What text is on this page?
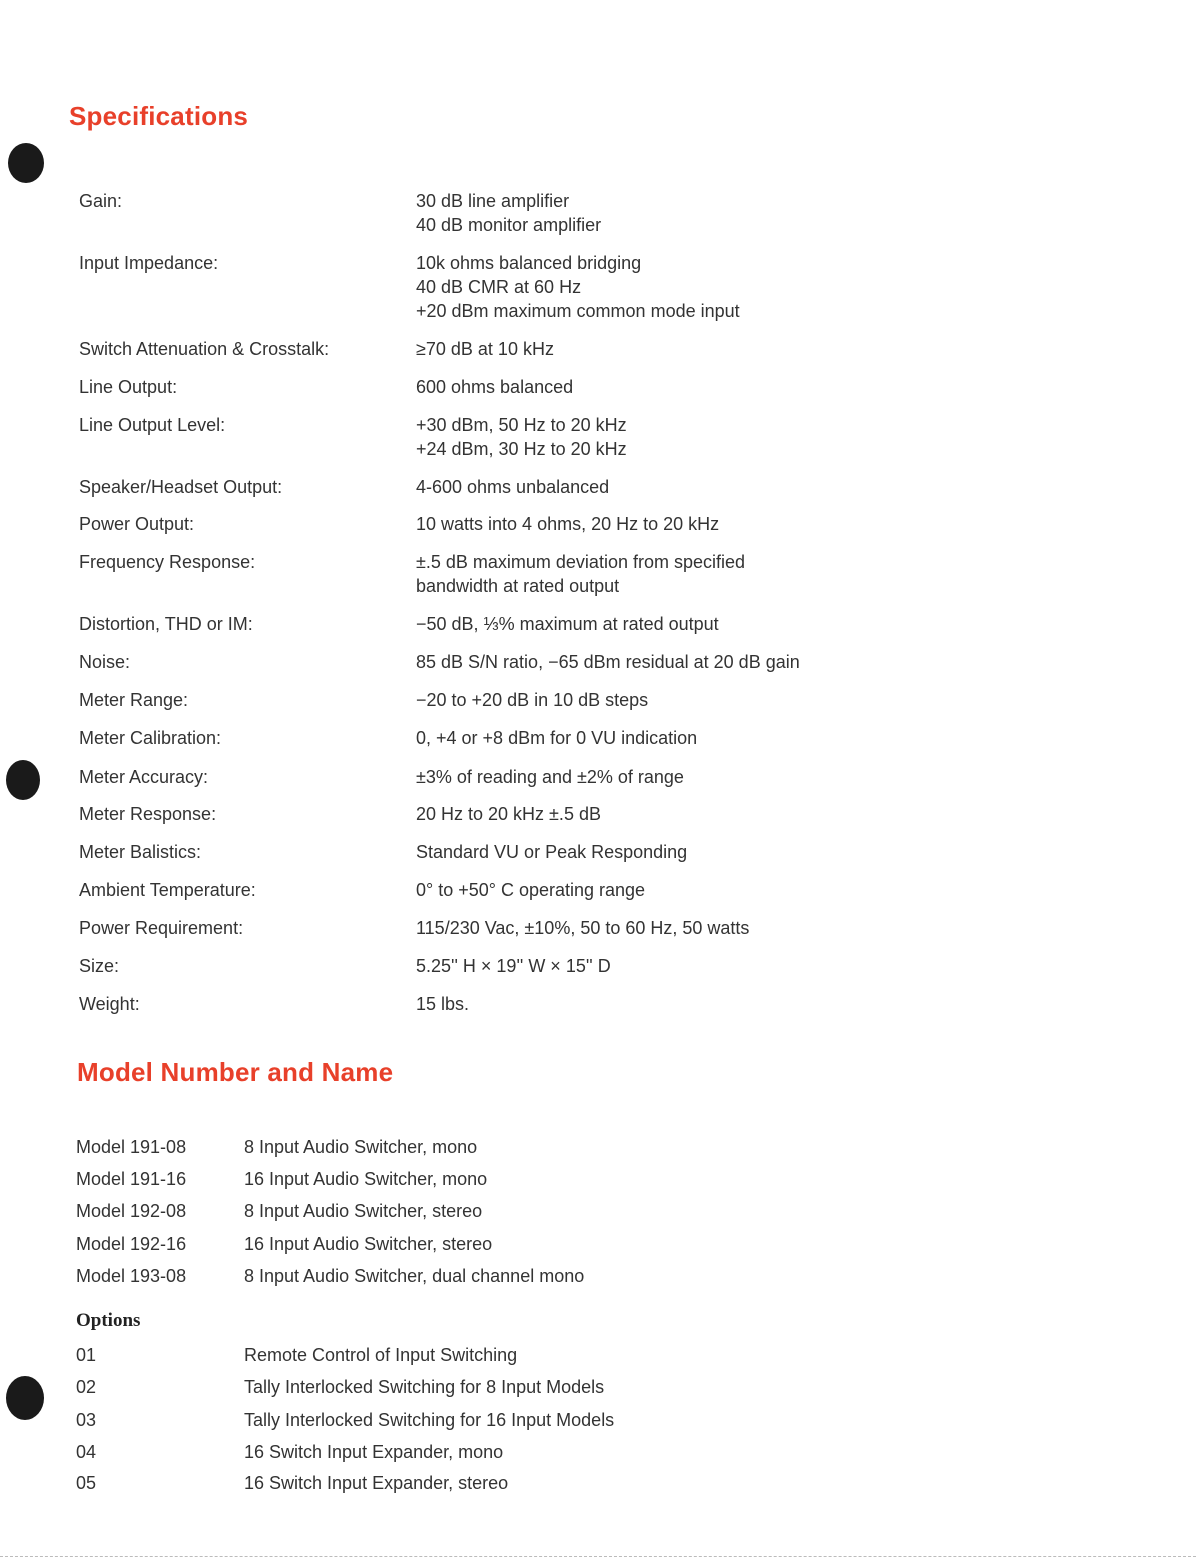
Specifications
Gain:	30 dB line amplifier
40 dB monitor amplifier
Input Impedance:	10k ohms balanced bridging
40 dB CMR at 60 Hz
+20 dBm maximum common mode input
Switch Attenuation & Crosstalk:	≥70 dB at 10 kHz
Line Output:	600 ohms balanced
Line Output Level:	+30 dBm, 50 Hz to 20 kHz
+24 dBm, 30 Hz to 20 kHz
Speaker/Headset Output:	4-600 ohms unbalanced
Power Output:	10 watts into 4 ohms, 20 Hz to 20 kHz
Frequency Response:	±.5 dB maximum deviation from specified
bandwidth at rated output
Distortion, THD or IM:	−50 dB, ⅓% maximum at rated output
Noise:	85 dB S/N ratio, −65 dBm residual at 20 dB gain
Meter Range:	−20 to +20 dB in 10 dB steps
Meter Calibration:	0, +4 or +8 dBm for 0 VU indication
Meter Accuracy:	±3% of reading and ±2% of range
Meter Response:	20 Hz to 20 kHz ±.5 dB
Meter Balistics:	Standard VU or Peak Responding
Ambient Temperature:	0° to +50° C operating range
Power Requirement:	115/230 Vac, ±10%, 50 to 60 Hz, 50 watts
Size:	5.25'' H × 19'' W × 15'' D
Weight:	15 lbs.
Model Number and Name
Model 191-08	8 Input Audio Switcher, mono
Model 191-16	16 Input Audio Switcher, mono
Model 192-08	8 Input Audio Switcher, stereo
Model 192-16	16 Input Audio Switcher, stereo
Model 193-08	8 Input Audio Switcher, dual channel mono
Options
01	Remote Control of Input Switching
02	Tally Interlocked Switching for 8 Input Models
03	Tally Interlocked Switching for 16 Input Models
04	16 Switch Input Expander, mono
05	16 Switch Input Expander, stereo
